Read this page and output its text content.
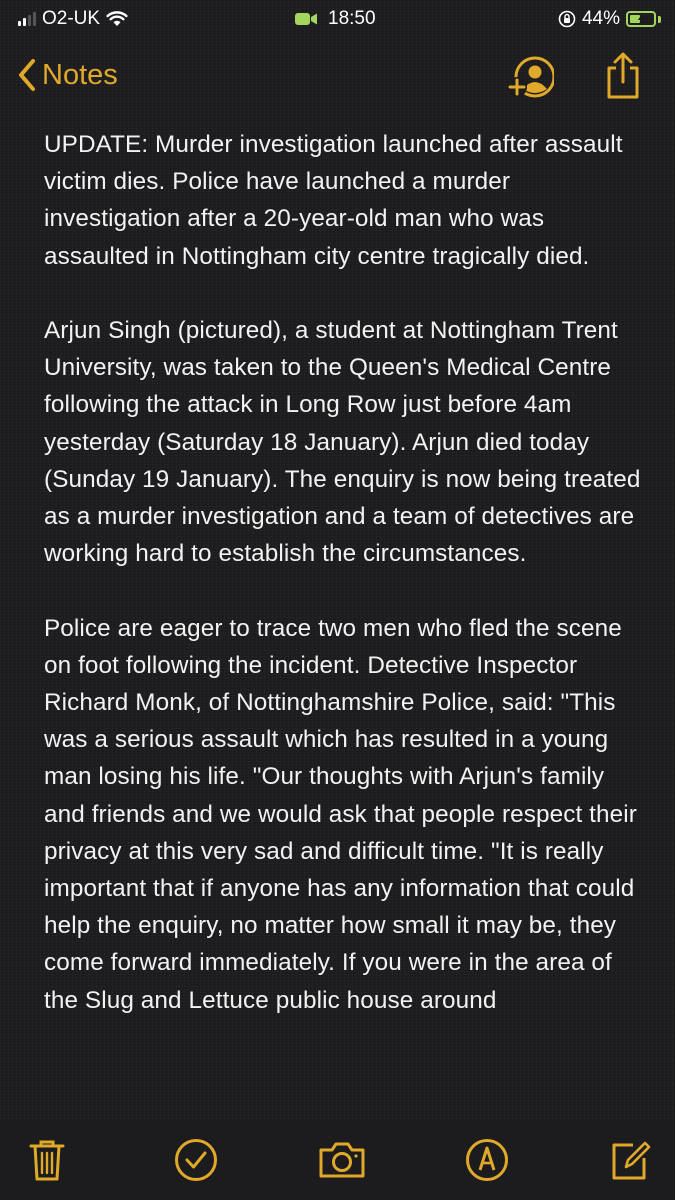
O2-UK	18:50	44%
Notes

UPDATE: Murder investigation launched after assault victim dies. Police have launched a murder investigation after a 20-year-old man who was assaulted in Nottingham city centre tragically died.

Arjun Singh (pictured), a student at Nottingham Trent University, was taken to the Queen's Medical Centre following the attack in Long Row just before 4am yesterday (Saturday 18 January). Arjun died today (Sunday 19 January). The enquiry is now being treated as a murder investigation and a team of detectives are working hard to establish the circumstances.

Police are eager to trace two men who fled the scene on foot following the incident. Detective Inspector Richard Monk, of Nottinghamshire Police, said: "This was a serious assault which has resulted in a young man losing his life. "Our thoughts with Arjun's family and friends and we would ask that people respect their privacy at this very sad and difficult time. "It is really important that if anyone has any information that could help the enquiry, no matter how small it may be, they come forward immediately. If you were in the area of the Slug and Lettuce public house around
